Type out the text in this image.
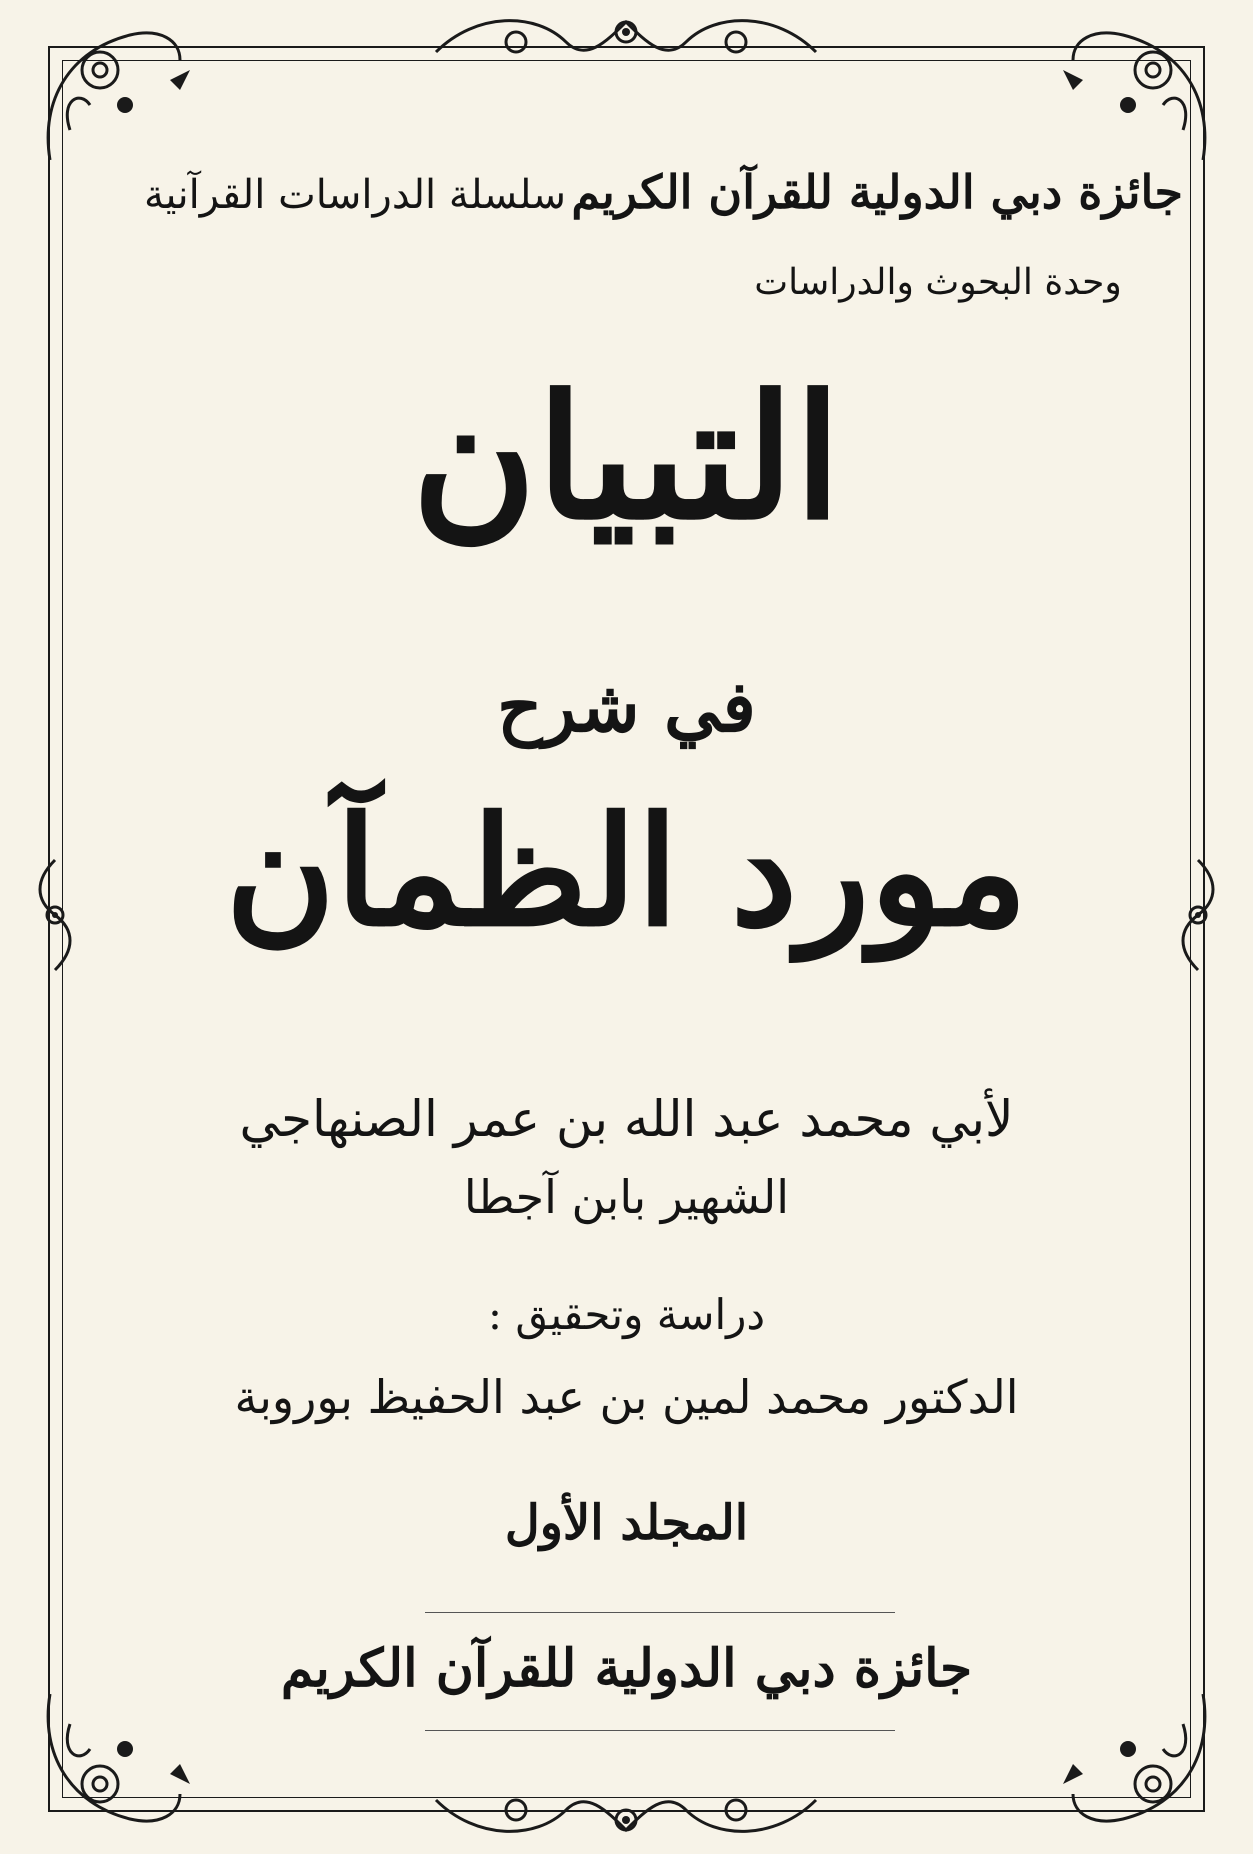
جائزة دبي الدولية للقرآن الكريم
وحدة البحوث والدراسات
سلسلة الدراسات القرآنية
التبيان
في شرح
مورد الظمآن
لأبي محمد عبد الله بن عمر الصنهاجي
الشهير بابن آجطا
دراسة وتحقيق :
الدكتور محمد لمين بن عبد الحفيظ بوروبة
المجلد الأول
جائزة دبي الدولية للقرآن الكريم
